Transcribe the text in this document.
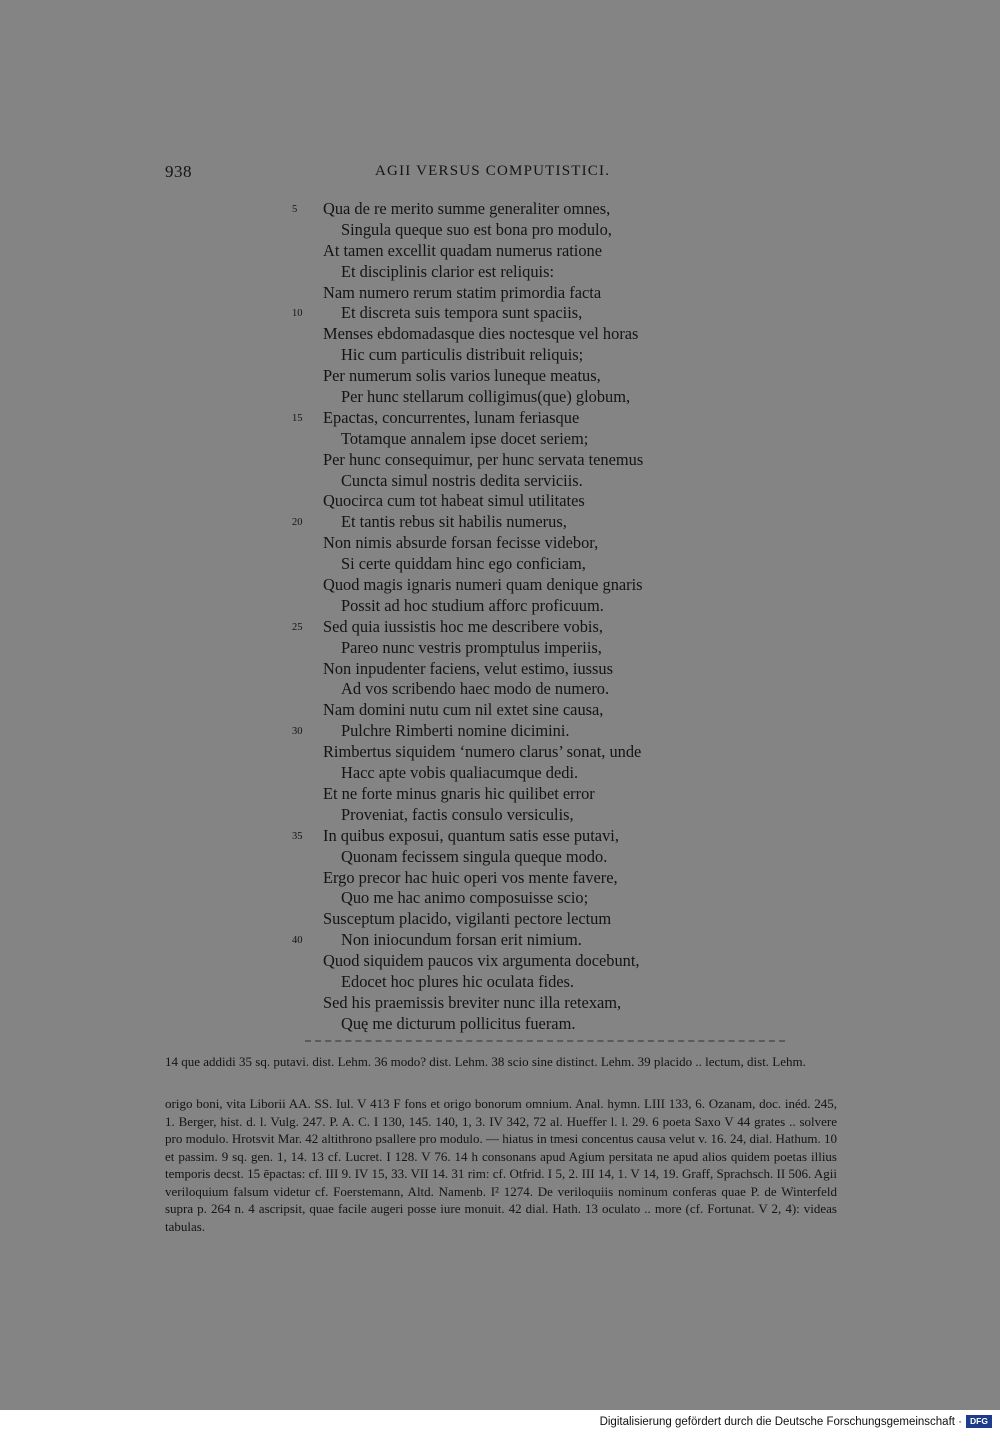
938	AGII VERSUS COMPUTISTICI.
5	Qua de re merito summe generaliter omnes,
Singula queque suo est bona pro modulo,
At tamen excellit quadam numerus ratione
Et disciplinis clarior est reliquis:
Nam numero rerum statim primordia facta
10	Et discreta suis tempora sunt spaciis,
Menses ebdomadasque dies noctesque vel horas
Hic cum particulis distribuit reliquis;
Per numerum solis varios luneque meatus,
Per hunc stellarum colligimus(que) globum,
15	Epactas, concurrentes, lunam feriasque
Totamque annalem ipse docet seriem;
Per hunc consequimur, per hunc servata tenemus
Cuncta simul nostris dedita serviciis.
Quocirca cum tot habeat simul utilitates
20	Et tantis rebus sit habilis numerus,
Non nimis absurde forsan fecisse videbor,
Si certe quiddam hinc ego conficiam,
Quod magis ignaris numeri quam denique gnaris
Possit ad hoc studium afforc proficuum.
25	Sed quia iussistis hoc me describere vobis,
Pareo nunc vestris promptulus imperiis,
Non inpudenter faciens, velut estimo, iussus
Ad vos scribendo haec modo de numero.
Nam domini nutu cum nil extet sine causa,
30	Pulchre Rimberti nomine dicimini.
Rimbertus siquidem ‘numero clarus’ sonat, unde
Hacc apte vobis qualiacumque dedi.
Et ne forte minus gnaris hic quilibet error
Proveniat, factis consulo versiculis,
35	In quibus exposui, quantum satis esse putavi,
Quonam fecissem singula queque modo.
Ergo precor hac huic operi vos mente favere,
Quo me hac animo composuisse scio;
Susceptum placido, vigilanti pectore lectum
40	Non iniocundum forsan erit nimium.
Quod siquidem paucos vix argumenta docebunt,
Edocet hoc plures hic oculata fides.
Sed his praemissis breviter nunc illa retexam,
Quę me dicturum pollicitus fueram.

14 que addidi 35 sq. putavi. dist. Lehm. 36 modo? dist. Lehm. 38 scio sine distinct. Lehm. 39 placido .. lectum, dist. Lehm.

origo boni, vita Liborii AA. SS. Iul. V 413 F fons et origo bonorum omnium. Anal. hymn. LIII 133, 6. Ozanam, doc. inéd. 245, 1. Berger, hist. d. l. Vulg. 247. P. A. C. I 130, 145. 140, 1, 3. IV 342, 72 al. Hueffer l. l. 29. 6 poeta Saxo V 44 grates .. solvere pro modulo. Hrotsvit Mar. 42 altithrono psallere pro modulo. — hiatus in tmesi concentus causa velut v. 16. 24, dial. Hathum. 10 et passim. 9 sq. gen. 1, 14. 13 cf. Lucret. I 128. V 76. 14 h consonans apud Agium persitata ne apud alios quidem poetas illius temporis decst. 15 ēpactas: cf. III 9. IV 15, 33. VII 14. 31 rim: cf. Otfrid. I 5, 2. III 14, 1. V 14, 19. Graff, Sprachsch. II 506. Agii veriloquium falsum videtur cf. Foerstemann, Altd. Namenb. I² 1274. De veriloquiis nominum conferas quae P. de Winterfeld supra p. 264 n. 4 ascripsit, quae facile augeri posse iure monuit. 42 dial. Hath. 13 oculato .. more (cf. Fortunat. V 2, 4): videas tabulas.

Digitalisierung gefördert durch die Deutsche Forschungsgemeinschaft · DFG
